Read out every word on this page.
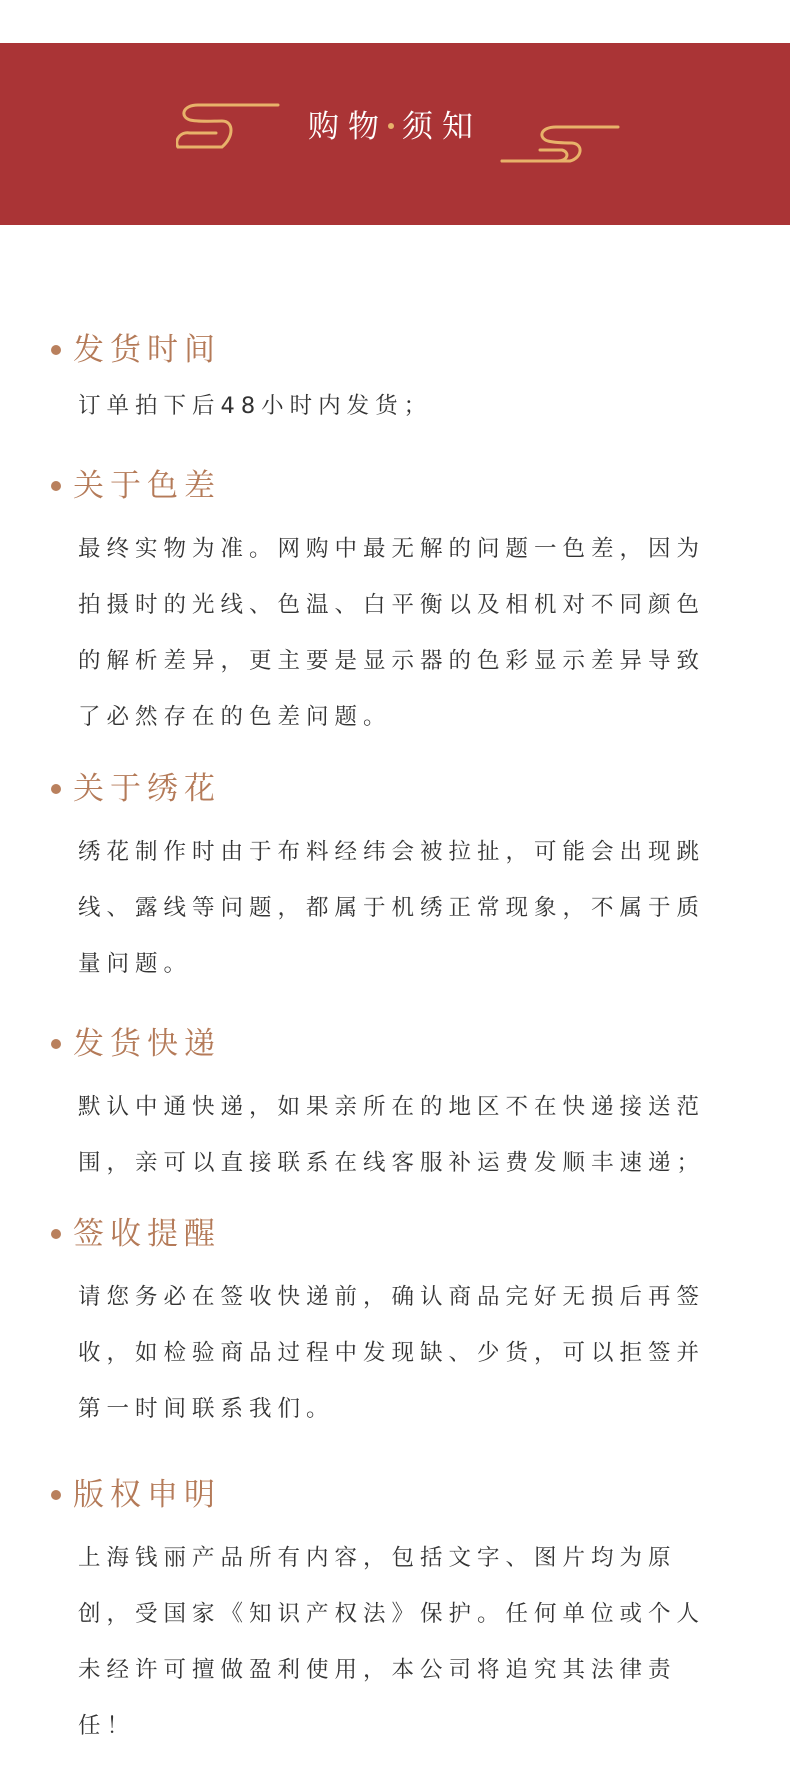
购物 须知
发货时间
订单拍下后48小时内发货；
关于色差
最终实物为准。网购中最无解的问题一色差，因为拍摄时的光线、色温、白平衡以及相机对不同颜色的解析差异，更主要是显示器的色彩显示差异导致了必然存在的色差问题。
关于绣花
绣花制作时由于布料经纬会被拉扯，可能会出现跳线、露线等问题，都属于机绣正常现象，不属于质量问题。
发货快递
默认中通快递，如果亲所在的地区不在快递接送范围，亲可以直接联系在线客服补运费发顺丰速递；
签收提醒
请您务必在签收快递前，确认商品完好无损后再签收，如检验商品过程中发现缺、少货，可以拒签并第一时间联系我们。
版权申明
上海钱丽产品所有内容，包括文字、图片均为原创，受国家《知识产权法》保护。任何单位或个人未经许可擅做盈利使用，本公司将追究其法律责任！
